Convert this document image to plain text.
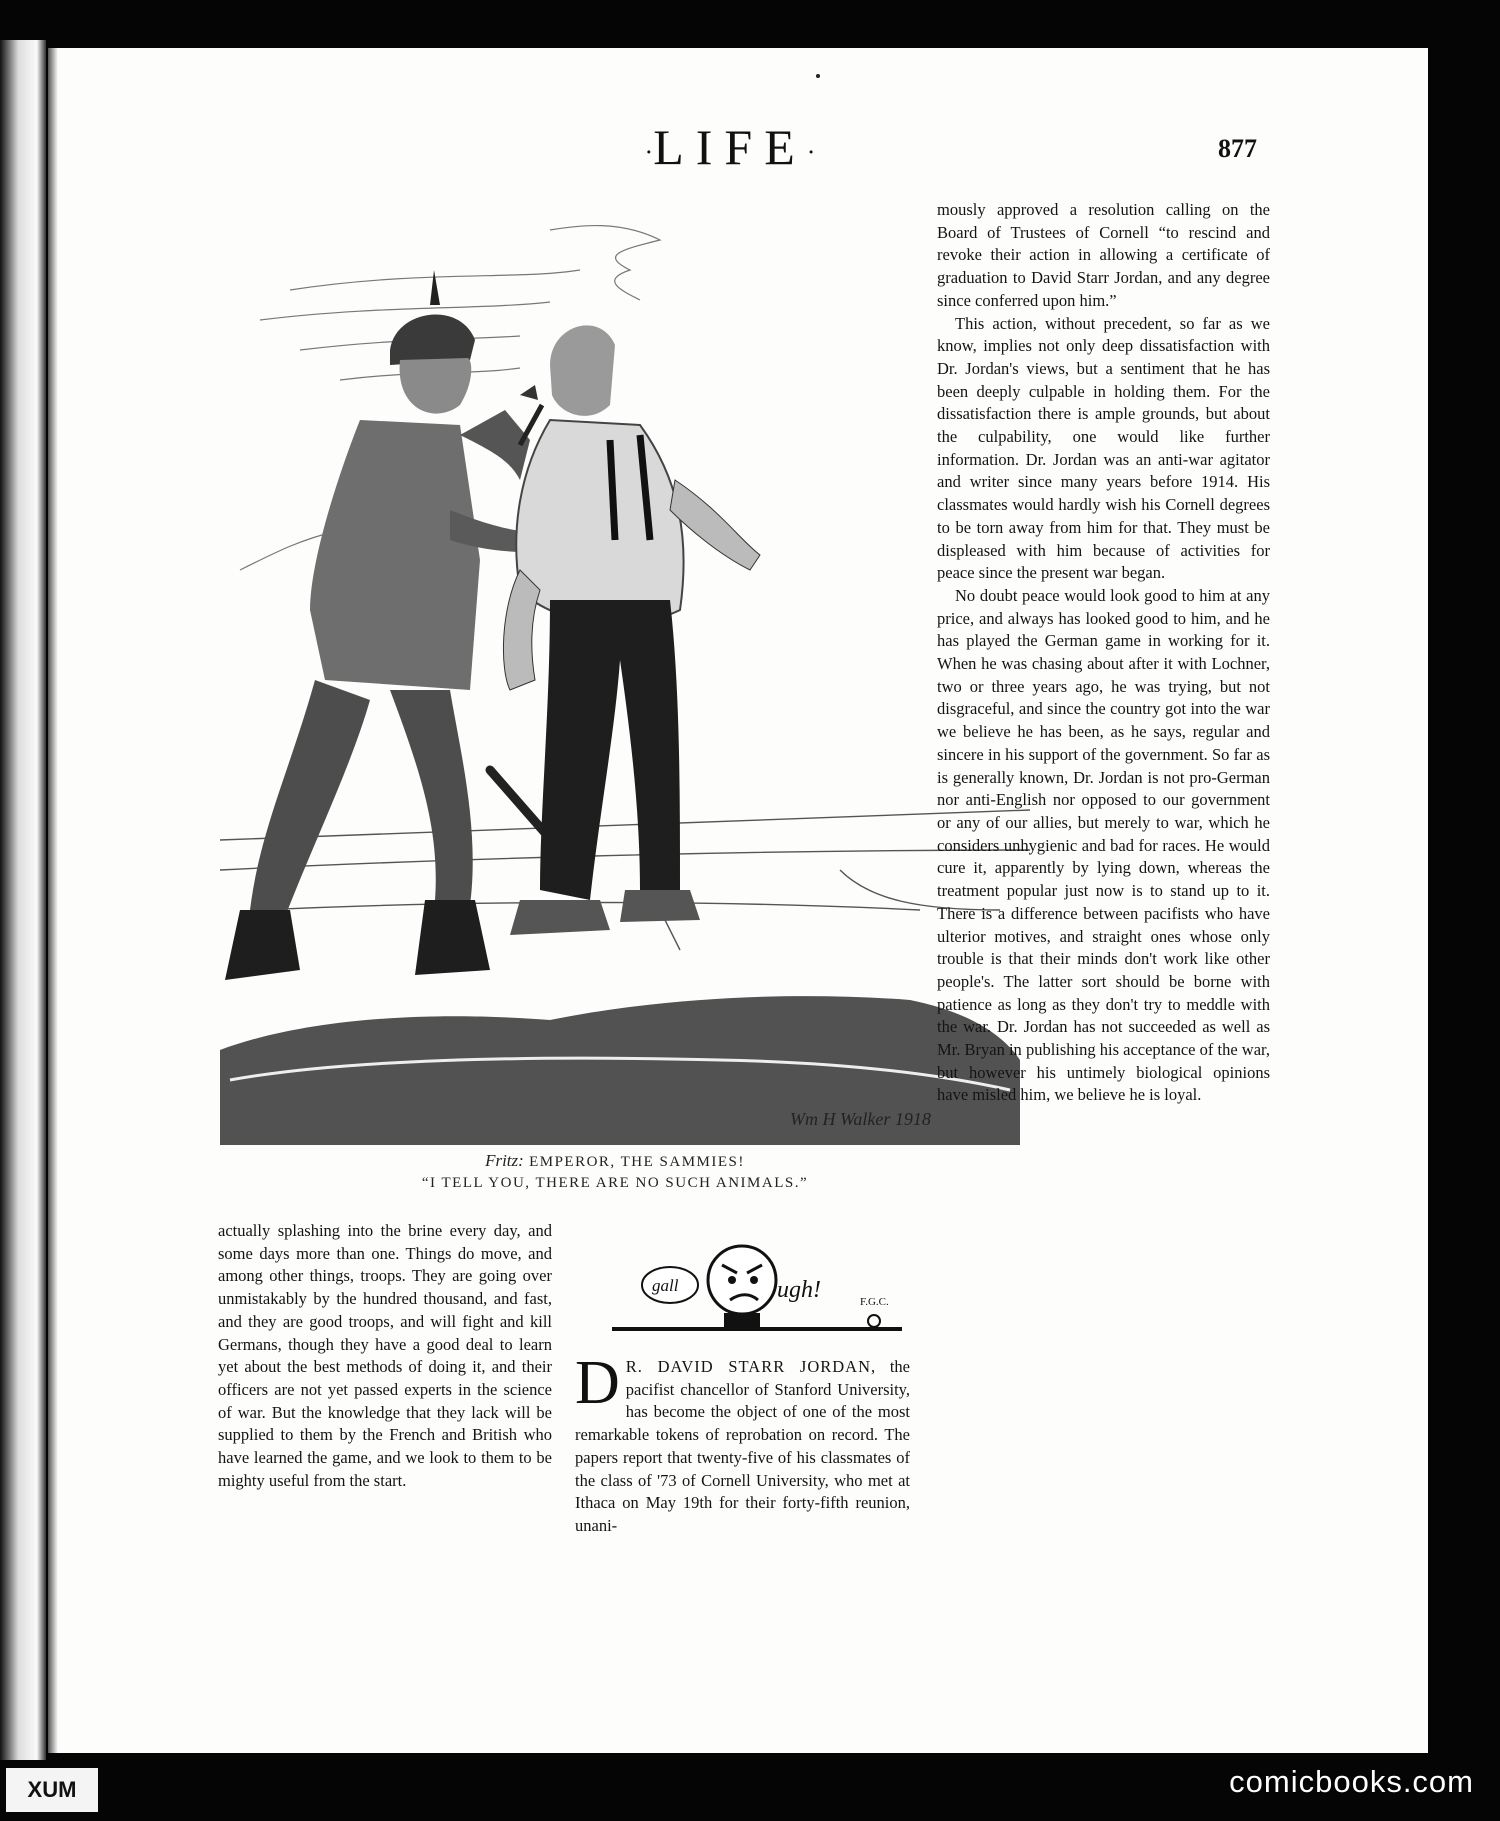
·LIFE·	877
Wm H Walker 1918
Fritz: EMPEROR, THE SAMMIES!
“I TELL YOU, THERE ARE NO SUCH ANIMALS.”
gall	ugh!	F.G.C.

mously approved a resolution calling on the Board of Trustees of Cornell “to rescind and revoke their action in allowing a certificate of graduation to David Starr Jordan, and any degree since conferred upon him.”

This action, without precedent, so far as we know, implies not only deep dissatisfaction with Dr. Jordan's views, but a sentiment that he has been deeply culpable in holding them. For the dissatisfaction there is ample grounds, but about the culpability, one would like further information. Dr. Jordan was an anti-war agitator and writer since many years before 1914. His classmates would hardly wish his Cornell degrees to be torn away from him for that. They must be displeased with him because of activities for peace since the present war began.

No doubt peace would look good to him at any price, and always has looked good to him, and he has played the German game in working for it. When he was chasing about after it with Lochner, two or three years ago, he was trying, but not disgraceful, and since the country got into the war we believe he has been, as he says, regular and sincere in his support of the government. So far as is generally known, Dr. Jordan is not pro-German nor anti-English nor opposed to our government or any of our allies, but merely to war, which he considers unhygienic and bad for races. He would cure it, apparently by lying down, whereas the treatment popular just now is to stand up to it. There is a difference between pacifists who have ulterior motives, and straight ones whose only trouble is that their minds don't work like other people's. The latter sort should be borne with patience as long as they don't try to meddle with the war. Dr. Jordan has not succeeded as well as Mr. Bryan in publishing his acceptance of the war, but however his untimely biological opinions have misled him, we believe he is loyal.

actually splashing into the brine every day, and some days more than one. Things do move, and among other things, troops. They are going over unmistakably by the hundred thousand, and fast, and they are good troops, and will fight and kill Germans, though they have a good deal to learn yet about the best methods of doing it, and their officers are not yet passed experts in the science of war. But the knowledge that they lack will be supplied to them by the French and British who have learned the game, and we look to them to be mighty useful from the start.

D R. DAVID STARR JORDAN, the pacifist chancellor of Stanford University, has become the object of one of the most remarkable tokens of reprobation on record. The papers report that twenty-five of his classmates of the class of '73 of Cornell University, who met at Ithaca on May 19th for their forty-fifth reunion, unani-
XUM	comicbooks.com
